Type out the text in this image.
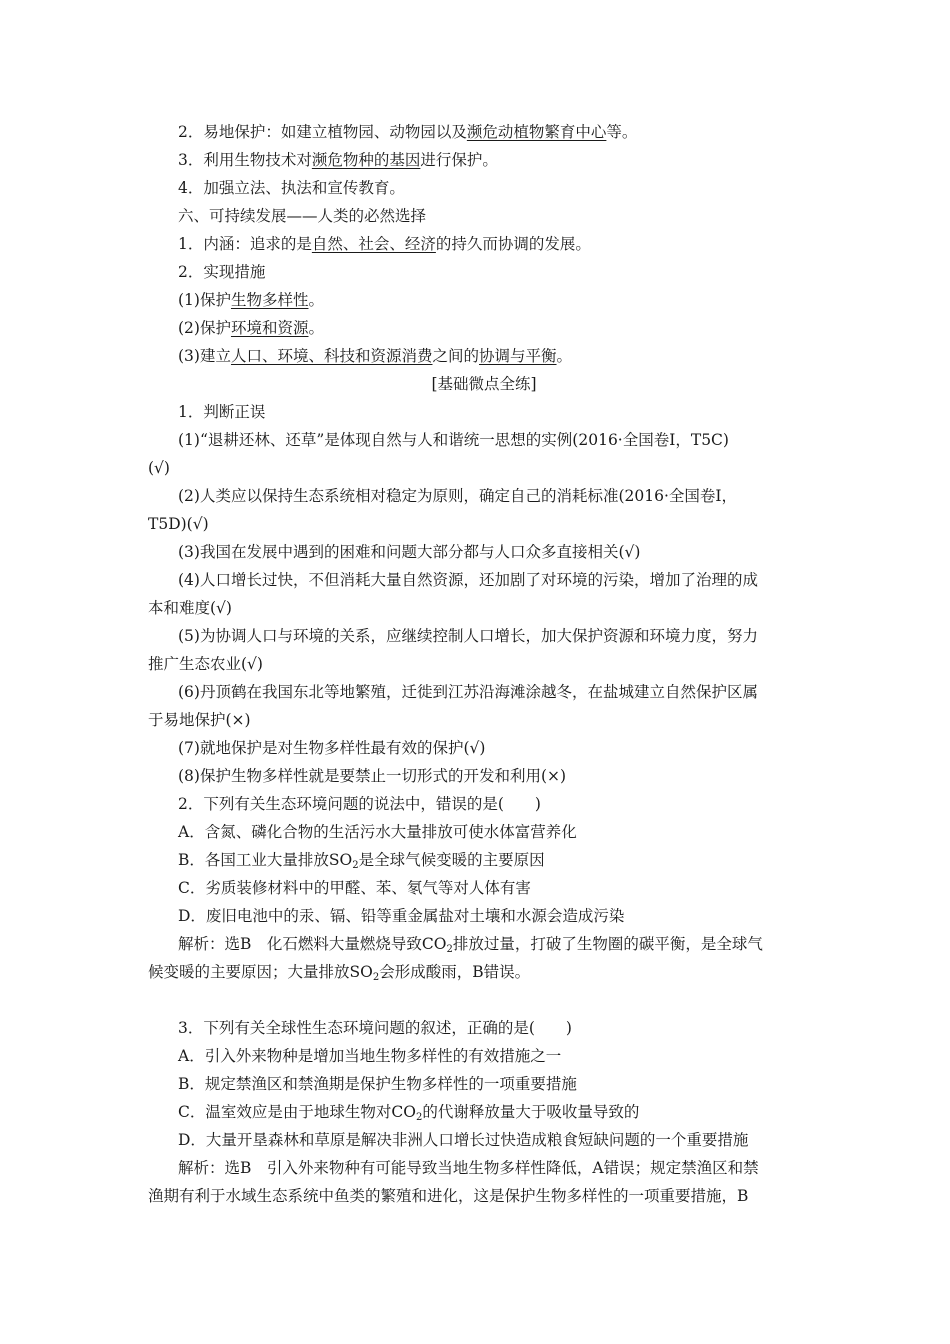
2．易地保护：如建立植物园、动物园以及濒危动植物繁育中心等。
3．利用生物技术对濒危物种的基因进行保护。
4．加强立法、执法和宣传教育。
六、可持续发展——人类的必然选择
1．内涵：追求的是自然、社会、经济的持久而协调的发展。
2．实现措施
(1)保护生物多样性。
(2)保护环境和资源。
(3)建立人口、环境、科技和资源消费之间的协调与平衡。
[基础微点全练]
1．判断正误
(1)“退耕还林、还草”是体现自然与人和谐统一思想的实例(2016·全国卷Ⅰ，T5C)
(√)
(2)人类应以保持生态系统相对稳定为原则，确定自己的消耗标准(2016·全国卷Ⅰ，
T5D)(√)
(3)我国在发展中遇到的困难和问题大部分都与人口众多直接相关(√)
(4)人口增长过快，不但消耗大量自然资源，还加剧了对环境的污染，增加了治理的成
本和难度(√)
(5)为协调人口与环境的关系，应继续控制人口增长，加大保护资源和环境力度，努力
推广生态农业(√)
(6)丹顶鹤在我国东北等地繁殖，迁徙到江苏沿海滩涂越冬，在盐城建立自然保护区属
于易地保护(×)
(7)就地保护是对生物多样性最有效的保护(√)
(8)保护生物多样性就是要禁止一切形式的开发和利用(×)
2．下列有关生态环境问题的说法中，错误的是(　　)
A．含氮、磷化合物的生活污水大量排放可使水体富营养化
B．各国工业大量排放$SO_2$是全球气候变暖的主要原因
C．劣质装修材料中的甲醛、苯、氡气等对人体有害
D．废旧电池中的汞、镉、铅等重金属盐对土壤和水源会造成污染
解析：选B　化石燃料大量燃烧导致$CO_2$排放过量，打破了生物圈的碳平衡，是全球气
候变暖的主要原因；大量排放$SO_2$会形成酸雨，B错误。
3．下列有关全球性生态环境问题的叙述，正确的是(　　)
A．引入外来物种是增加当地生物多样性的有效措施之一
B．规定禁渔区和禁渔期是保护生物多样性的一项重要措施
C．温室效应是由于地球生物对$CO_2$的代谢释放量大于吸收量导致的
D．大量开垦森林和草原是解决非洲人口增长过快造成粮食短缺问题的一个重要措施
解析：选B　引入外来物种有可能导致当地生物多样性降低，A错误；规定禁渔区和禁
渔期有利于水域生态系统中鱼类的繁殖和进化，这是保护生物多样性的一项重要措施，B
